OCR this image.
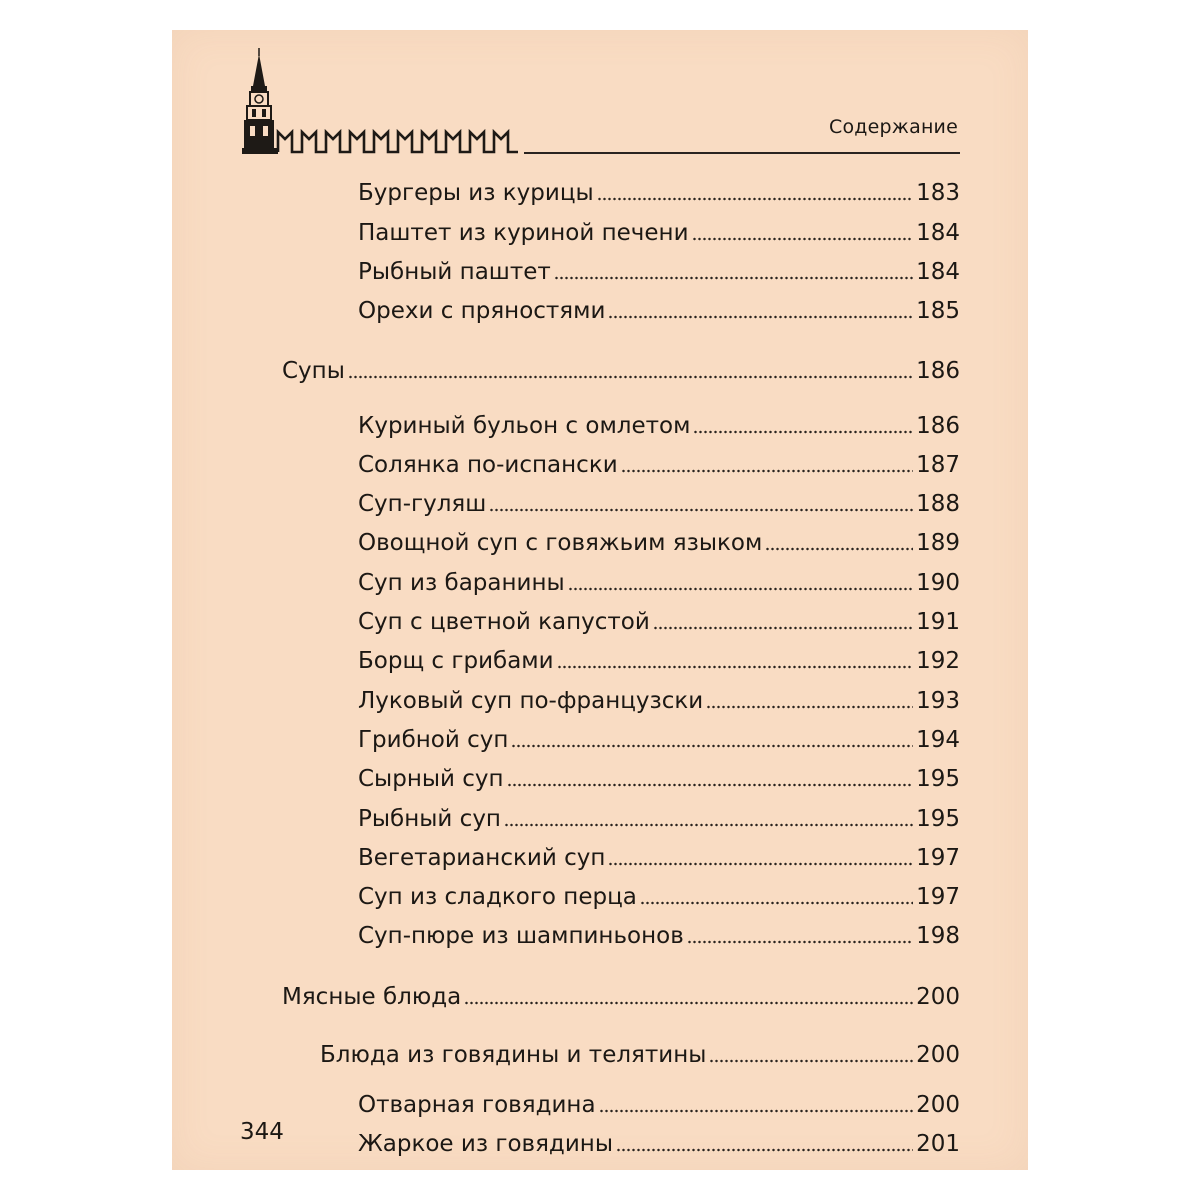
Содержание
Бургеры из курицы	183
Паштет из куриной печени	184
Рыбный паштет	184
Орехи с пряностями	185
Супы	186
Куриный бульон с омлетом	186
Солянка по-испански	187
Суп-гуляш	188
Овощной суп с говяжьим языком	189
Суп из баранины	190
Суп с цветной капустой	191
Борщ с грибами	192
Луковый суп по-французски	193
Грибной суп	194
Сырный суп	195
Рыбный суп	195
Вегетарианский суп	197
Суп из сладкого перца	197
Суп-пюре из шампиньонов	198
Мясные блюда	200
Блюда из говядины и телятины	200
Отварная говядина	200
Жаркое из говядины	201
344
